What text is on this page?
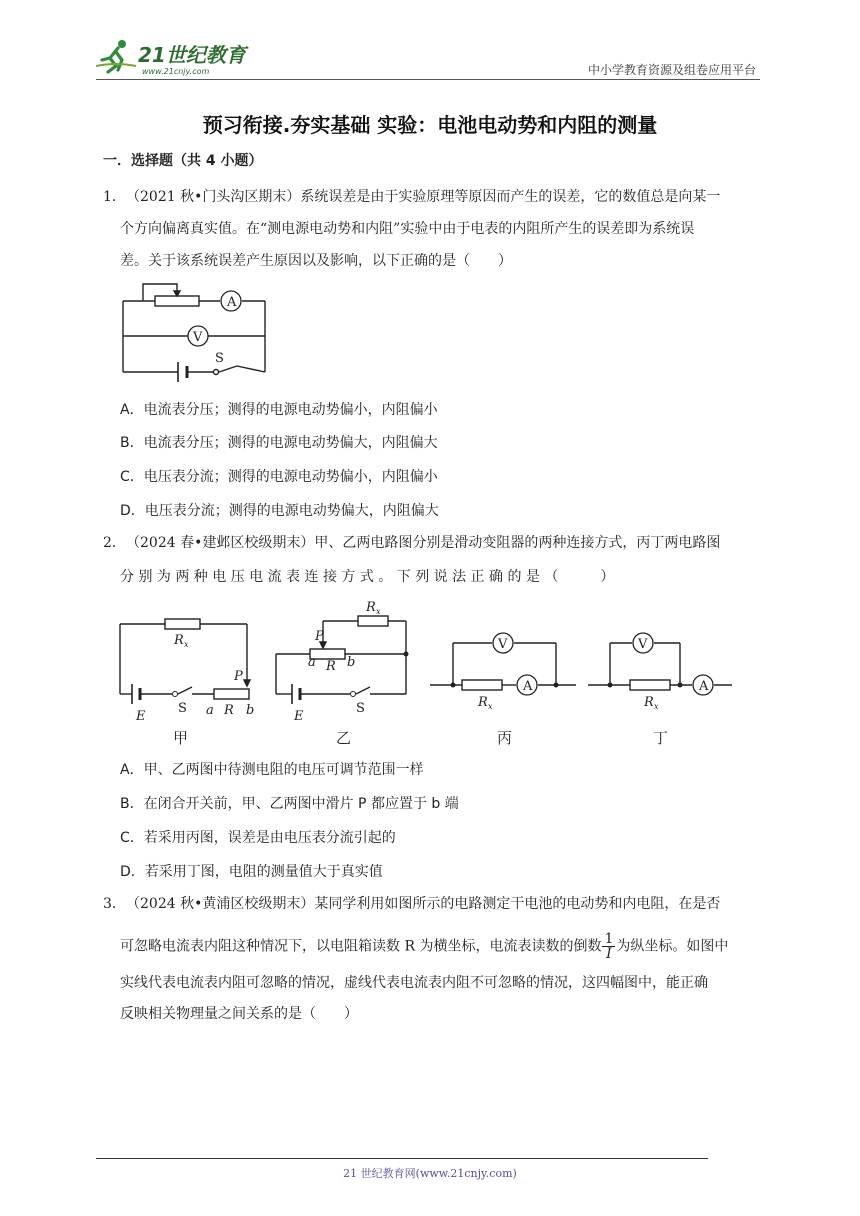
21世纪教育
www.21cnjy.com	中小学教育资源及组卷应用平台
预习衔接.夯实基础 实验：电池电动势和内阻的测量
一．选择题（共 4 小题）
1． （2021 秋•门头沟区期末）系统误差是由于实验原理等原因而产生的误差，它的数值总是向某一
个方向偏离真实值。在“测电源电动势和内阻”实验中由于电表的内阻所产生的误差即为系统误
差。关于该系统误差产生原因以及影响，以下正确的是（　　）
A
V
S
A．电流表分压；测得的电源电动势偏小，内阻偏小
B．电流表分压；测得的电源电动势偏大，内阻偏大
C．电压表分流；测得的电源电动势偏小，内阻偏小
D．电压表分流；测得的电源电动势偏大，内阻偏大
2． （2024 春•建邺区校级期末）甲、乙两电路图分别是滑动变阻器的两种连接方式，丙丁两电路图
分 别 为 两 种 电 压 电 流 表 连 接 方 式 。 下 列 说 法 正 确 的 是 （　　　）
V
A
V
A
R x
P
a R b
E
S
R x
P
a R b
E
S	R x	R x
甲	乙	丙	丁
A．甲、乙两图中待测电阻的电压可调节范围一样
B．在闭合开关前，甲、乙两图中滑片 P 都应置于 b 端
C．若采用丙图，误差是由电压表分流引起的
D．若采用丁图，电阻的测量值大于真实值
3． （2024 秋•黄浦区校级期末）某同学利用如图所示的电路测定干电池的电动势和内电阻，在是否
可忽略电流表内阻这种情况下，以电阻箱读数 R 为横坐标，电流表读数的倒数 $\frac{1}{I}$ 为纵坐标。如图中
实线代表电流表内阻可忽略的情况，虚线代表电流表内阻不可忽略的情况，这四幅图中，能正确
反映相关物理量之间关系的是（　　）
21 世纪教育网(www.21cnjy.com)
